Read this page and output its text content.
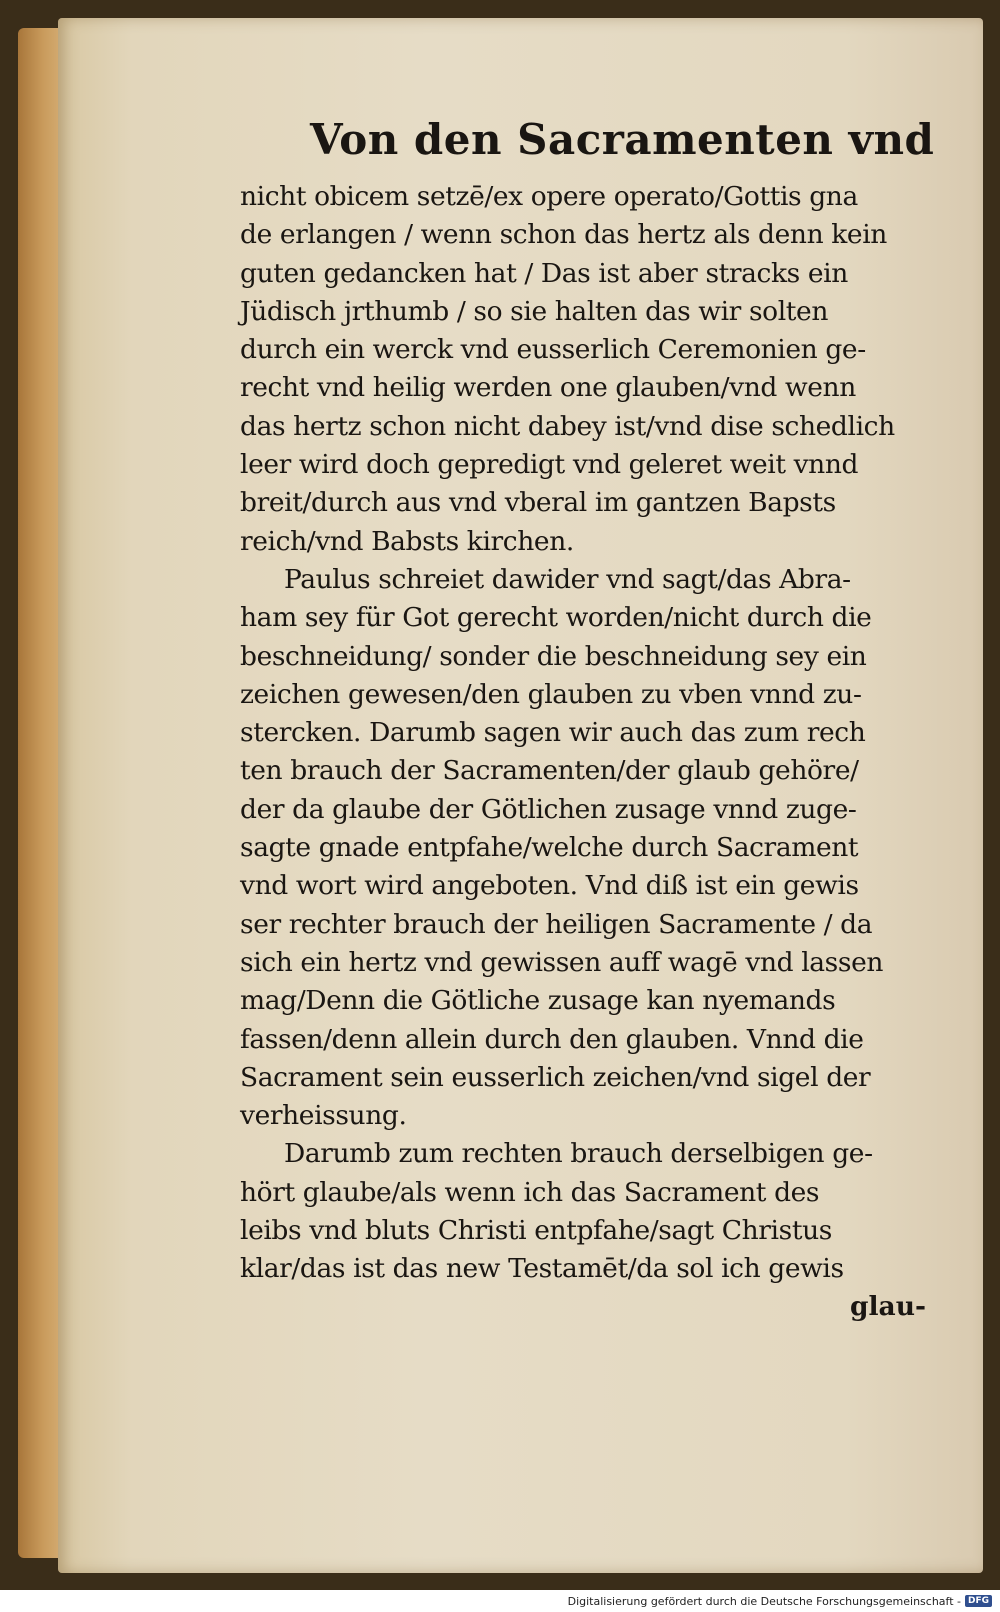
Von den Sacramenten vnd
nicht obicem setzē/ex opere operato/Gottis gna
de erlangen / wenn schon das hertz als denn kein
guten gedancken hat / Das ist aber stracks ein
Jüdisch jrthumb / so sie halten das wir solten
durch ein werck vnd eusserlich Ceremonien ge-
recht vnd heilig werden one glauben/vnd wenn
das hertz schon nicht dabey ist/vnd dise schedlich
leer wird doch gepredigt vnd geleret weit vnnd
breit/durch aus vnd vberal im gantzen Bapsts
reich/vnd Babsts kirchen.
Paulus schreiet dawider vnd sagt/das Abra-
ham sey für Got gerecht worden/nicht durch die
beschneidung/ sonder die beschneidung sey ein
zeichen gewesen/den glauben zu vben vnnd zu-
stercken. Darumb sagen wir auch das zum rech
ten brauch der Sacramenten/der glaub gehöre/
der da glaube der Götlichen zusage vnnd zuge-
sagte gnade entpfahe/welche durch Sacrament
vnd wort wird angeboten. Vnd diß ist ein gewis
ser rechter brauch der heiligen Sacramente / da
sich ein hertz vnd gewissen auff wagē vnd lassen
mag/Denn die Götliche zusage kan nyemands
fassen/denn allein durch den glauben. Vnnd die
Sacrament sein eusserlich zeichen/vnd sigel der
verheissung.
Darumb zum rechten brauch derselbigen ge-
hört glaube/als wenn ich das Sacrament des
leibs vnd bluts Christi entpfahe/sagt Christus
klar/das ist das new Testamēt/da sol ich gewis
glau-
Digitalisierung gefördert durch die Deutsche Forschungsgemeinschaft - DFG
